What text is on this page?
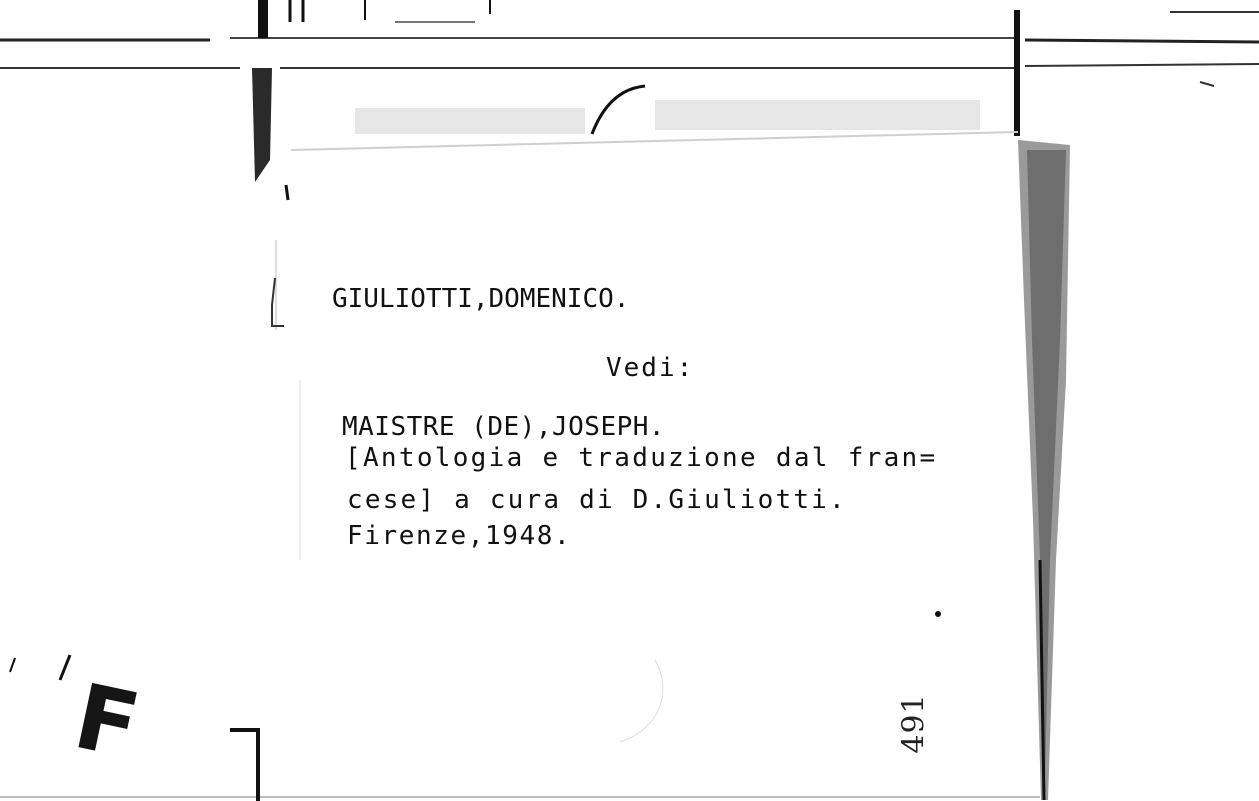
GIULIOTTI,DOMENICO.
Vedi:
MAISTRE (DE),JOSEPH.
[Antologia e traduzione dal fran=
cese] a cura di D.Giuliotti.
Firenze,1948.
491
F
